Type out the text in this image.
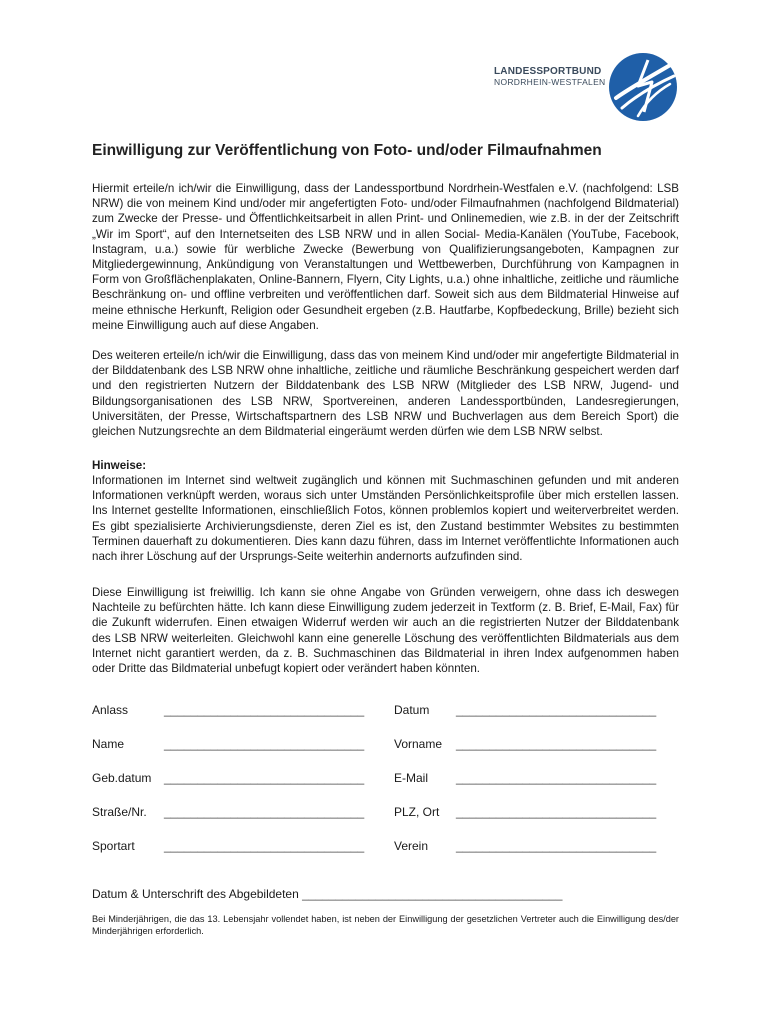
LANDESSPORTBUND
NORDRHEIN-WESTFALEN
Einwilligung zur Veröffentlichung von Foto- und/oder Filmaufnahmen

Hiermit erteile/n ich/wir die Einwilligung, dass der Landessportbund Nordrhein-Westfalen e.V. (nachfolgend: LSB NRW) die von meinem Kind und/oder mir angefertigten Foto- und/oder Filmaufnahmen (nachfolgend Bildmaterial) zum Zwecke der Presse- und Öffentlichkeitsarbeit in allen Print- und Onlinemedien, wie z.B. in der der Zeitschrift „Wir im Sport“, auf den Internetseiten des LSB NRW und in allen Social- Media-Kanälen (YouTube, Facebook, Instagram, u.a.) sowie für werbliche Zwecke (Bewerbung von Qualifizierungsangeboten, Kampagnen zur Mitgliedergewinnung, Ankündigung von Veranstaltungen und Wettbewerben, Durchführung von Kampagnen in Form von Großflächenplakaten, Online-Bannern, Flyern, City Lights, u.a.) ohne inhaltliche, zeitliche und räumliche Beschränkung on- und offline verbreiten und veröffentlichen darf. Soweit sich aus dem Bildmaterial Hinweise auf meine ethnische Herkunft, Religion oder Gesundheit ergeben (z.B. Hautfarbe, Kopfbedeckung, Brille) bezieht sich meine Einwilligung auch auf diese Angaben.

Des weiteren erteile/n ich/wir die Einwilligung, dass das von meinem Kind und/oder mir angefertigte Bildmaterial in der Bilddatenbank des LSB NRW ohne inhaltliche, zeitliche und räumliche Beschränkung gespeichert werden darf und den registrierten Nutzern der Bilddatenbank des LSB NRW (Mitglieder des LSB NRW, Jugend- und Bildungsorganisationen des LSB NRW, Sportvereinen, anderen Landessportbünden, Landesregierungen, Universitäten, der Presse, Wirtschaftspartnern des LSB NRW und Buchverlagen aus dem Bereich Sport) die gleichen Nutzungsrechte an dem Bildmaterial eingeräumt werden dürfen wie dem LSB NRW selbst.

Hinweise:

Informationen im Internet sind weltweit zugänglich und können mit Suchmaschinen gefunden und mit anderen Informationen verknüpft werden, woraus sich unter Umständen Persönlichkeitsprofile über mich erstellen lassen. Ins Internet gestellte Informationen, einschließlich Fotos, können problemlos kopiert und weiterverbreitet werden. Es gibt spezialisierte Archivierungsdienste, deren Ziel es ist, den Zustand bestimmter Websites zu bestimmten Terminen dauerhaft zu dokumentieren. Dies kann dazu führen, dass im Internet veröffentlichte Informationen auch nach ihrer Löschung auf der Ursprungs-Seite weiterhin andernorts aufzufinden sind.

Diese Einwilligung ist freiwillig. Ich kann sie ohne Angabe von Gründen verweigern, ohne dass ich deswegen Nachteile zu befürchten hätte. Ich kann diese Einwilligung zudem jederzeit in Textform (z. B. Brief, E-Mail, Fax) für die Zukunft widerrufen. Einen etwaigen Widerruf werden wir auch an die registrierten Nutzer der Bilddatenbank des LSB NRW weiterleiten. Gleichwohl kann eine generelle Löschung des veröffentlichten Bildmaterials aus dem Internet nicht garantiert werden, da z. B. Suchmaschinen das Bildmaterial in ihren Index aufgenommen haben oder Dritte das Bildmaterial unbefugt kopiert oder verändert haben könnten.

Anlass	______________________________ Datum ______________________________
Name	______________________________ Vorname ______________________________
Geb.datum ______________________________ E-Mail ______________________________
Straße/Nr. ______________________________ PLZ, Ort ______________________________
Sportart ______________________________ Verein ______________________________
Datum & Unterschrift des Abgebildeten _______________________________________

Bei Minderjährigen, die das 13. Lebensjahr vollendet haben, ist neben der Einwilligung der gesetzlichen Vertreter auch die Einwilligung des/der Minderjährigen erforderlich.
